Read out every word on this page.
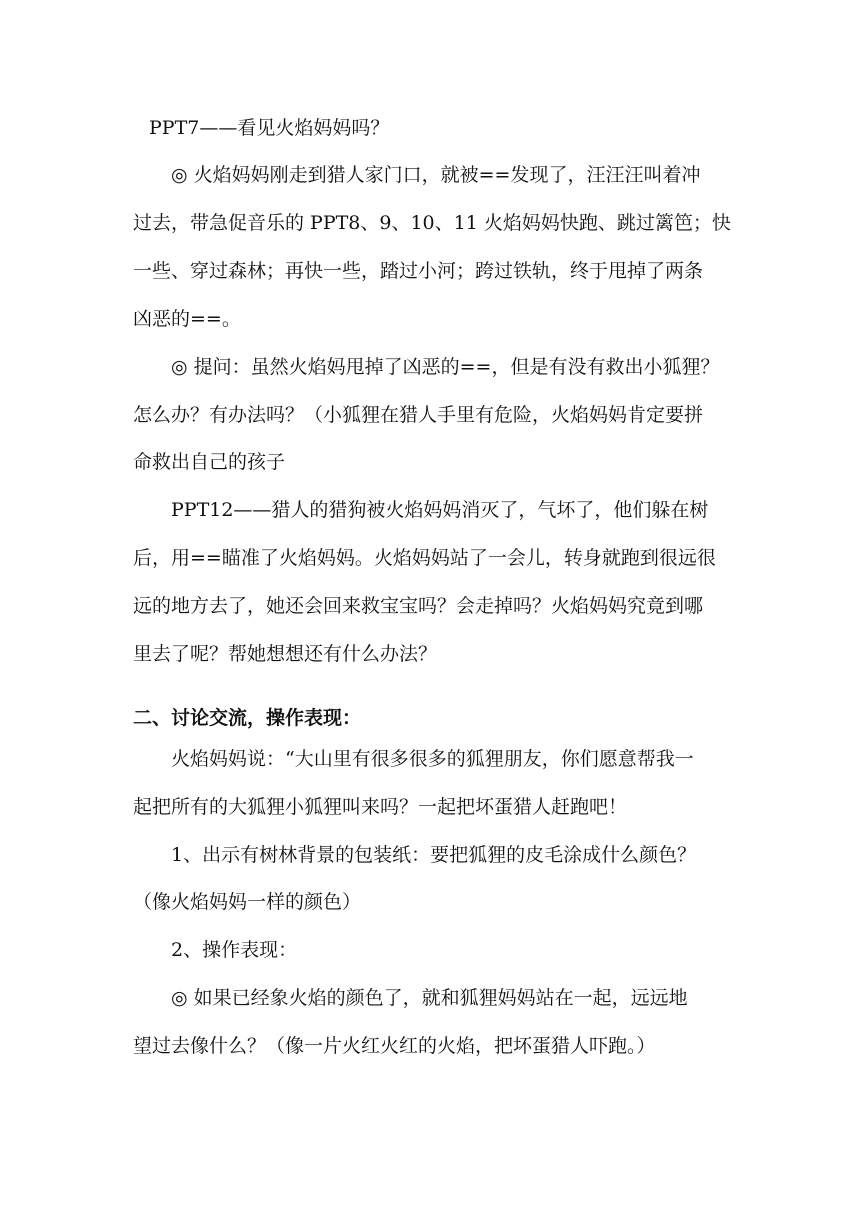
PPT7——看见火焰妈妈吗？
◎ 火焰妈妈刚走到猎人家门口，就被==发现了，汪汪汪叫着冲
过去，带急促音乐的 PPT8、9、10、11 火焰妈妈快跑、跳过篱笆；快
一些、穿过森林；再快一些，踏过小河；跨过铁轨，终于甩掉了两条
凶恶的==。
◎ 提问：虽然火焰妈甩掉了凶恶的==，但是有没有救出小狐狸？
怎么办？有办法吗？（小狐狸在猎人手里有危险，火焰妈妈肯定要拼
命救出自己的孩子
PPT12——猎人的猎狗被火焰妈妈消灭了，气坏了，他们躲在树
后，用==瞄准了火焰妈妈。火焰妈妈站了一会儿，转身就跑到很远很
远的地方去了，她还会回来救宝宝吗？会走掉吗？火焰妈妈究竟到哪
里去了呢？帮她想想还有什么办法？
二、讨论交流，操作表现：
火焰妈妈说：“大山里有很多很多的狐狸朋友，你们愿意帮我一
起把所有的大狐狸小狐狸叫来吗？一起把坏蛋猎人赶跑吧！
1、出示有树林背景的包装纸：要把狐狸的皮毛涂成什么颜色？
（像火焰妈妈一样的颜色）
2、操作表现：
◎ 如果已经象火焰的颜色了，就和狐狸妈妈站在一起，远远地
望过去像什么？（像一片火红火红的火焰，把坏蛋猎人吓跑。）
